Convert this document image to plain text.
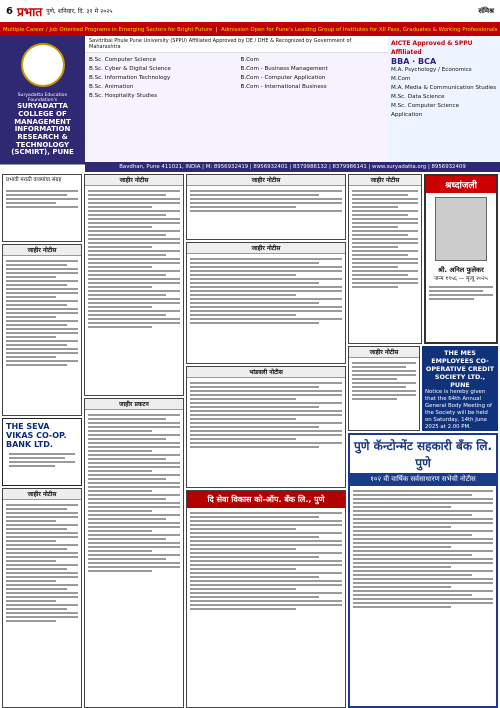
6 प्रभात पुणे, शनिवार, दि. ३१ मे २०२५	संमिश्र
Multiple Career / Job Oriented Programs in Emerging Sectors for Bright Future  |  Admission Open for Pune's Leading Group of Institutes for XII Pass, Graduates & Working Professionals
Suryadatta Education Foundation's
SURYADATTA COLLEGE OF MANAGEMENT INFORMATION RESEARCH & TECHNOLOGY (SCMIRT), PUNE
Savitribai Phule Pune University (SPPU) Affiliated Approved by DE / DHE & Recognized by Government of Maharashtra
B.Sc. Computer Science
B.Sc. Cyber & Digital Science
B.Sc. Information Technology
B.Sc. Animation
B.Sc. Hospitality Studies
B.Com
B.Com - Business Management
B.Com - Computer Application
B.Com - International Business
AICTE Approved & SPPU Affiliated
BBA · BCA
M.A. Psychology / Economics
M.Com
M.A. Media & Communication Studies
M.Sc. Data Science
M.Sc. Computer Science
Application
Bavdhan, Pune 411021, INDIA | M: 8956932419 | 8956932401 | 8379986132 | 8379986141 | www.suryadatta.org | 8956932409
प्रभावी मराठी वाक्यांचा संग्रह
जाहीर नोटीस
THE SEVA VIKAS CO-OP. BANK LTD.
जाहीर नोटीस
जाहीर नोटीस
जाहीर प्रकटन
जाहीर नोटीस
जाहीर नोटीस
भांडवली नोटीस
दि सेवा विकास को-ऑप. बँक लि., पुणे
जाहीर नोटीस
श्रध्दांजली
श्री. अनिल फुलेकर
जन्म १९५६ — मृत्यू २०२५
जाहीर नोटीस	THE MES EMPLOYEES CO-OPERATIVE CREDIT SOCIETY LTD., PUNE
Notice is hereby given that the 64th Annual General Body Meeting of the Society will be held on Saturday, 14th June 2025 at 2.00 PM.
पुणे कॅन्टोन्मेंट सहकारी बँक लि. पुणे
१०२ वी वार्षिक सर्वसाधारण सभेची नोटीस
